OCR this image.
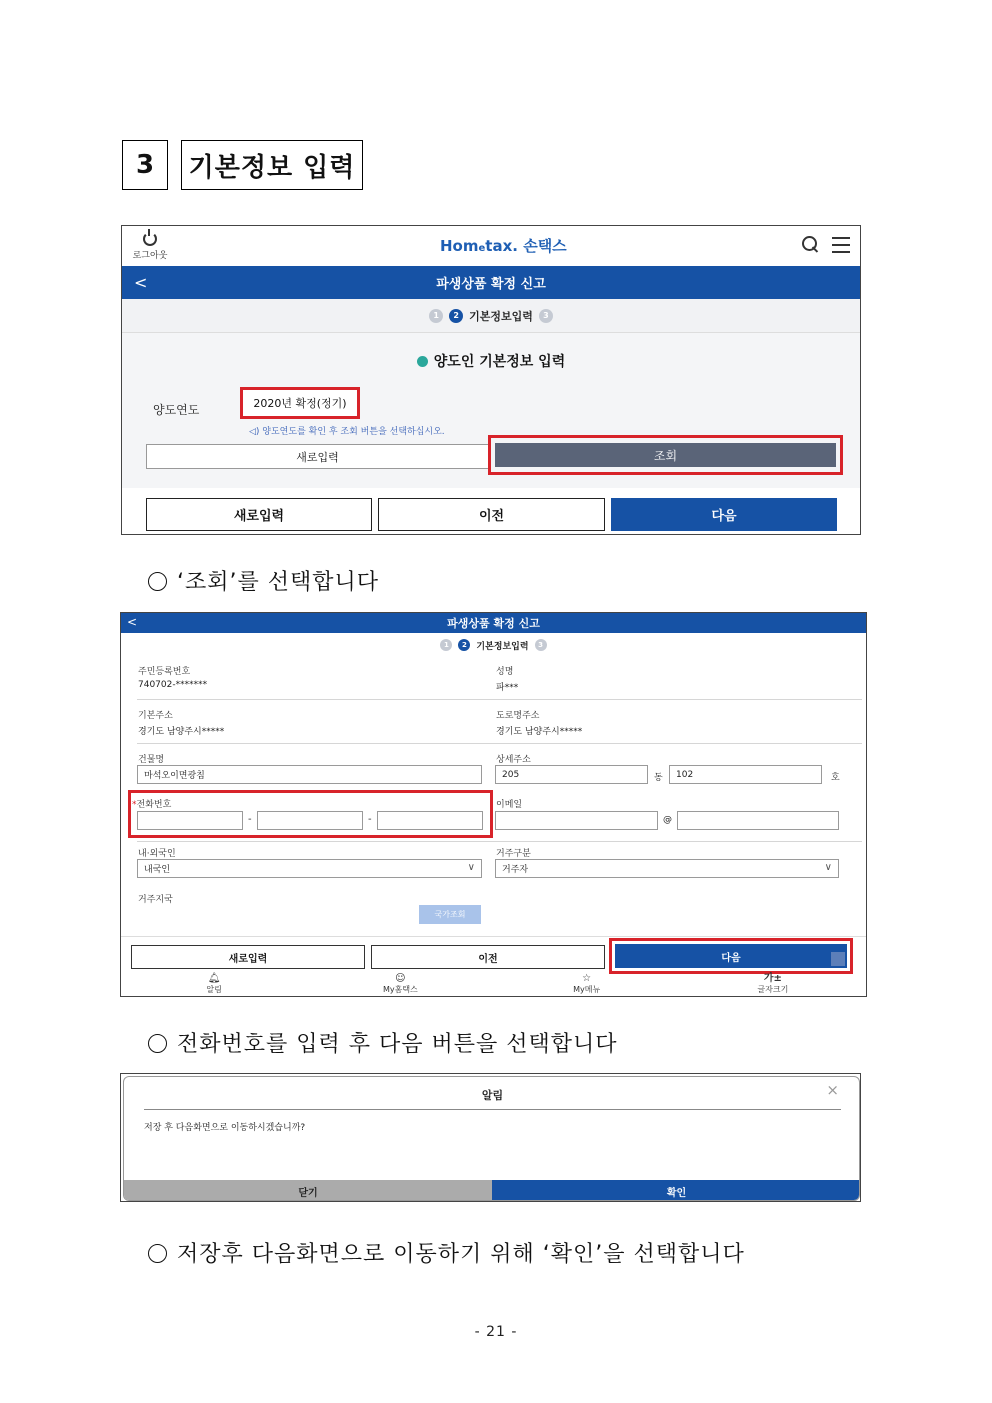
3	기본정보 입력
로그아웃
Hometax. 손택스
<	파생상품 확정 신고
1	2 기본정보입력	3
양도인 기본정보 입력
양도연도	2020년 확정(정기)
◁) 양도연도를 확인 후 조회 버튼을 선택하십시오.
새로입력	조회
새로입력	이전	다음
‘조회’를 선택합니다
<	파생상품 확정 신고
1	2	기본정보입력	3
주민등록번호
740702-*******
성명
파***
기본주소
경기도 남양주시*****
도로명주소
경기도 남양주시*****
건물명
마석오이면광침
상세주소
205	동	102	호
*전화번호
-	-
이메일
@
내·외국인
내국인 ∨
거주구분
거주자 ∨
거주지국
국가조회
새로입력	이전	다음
🔔︎
알림
☺︎
My홈택스
☆
My메뉴
가±
글자크기
전화번호를 입력 후 다음 버튼을 선택합니다
알림	×
저장 후 다음화면으로 이동하시겠습니까?
닫기	확인
저장후 다음화면으로 이동하기 위해 ‘확인’을 선택합니다
- 21 -
